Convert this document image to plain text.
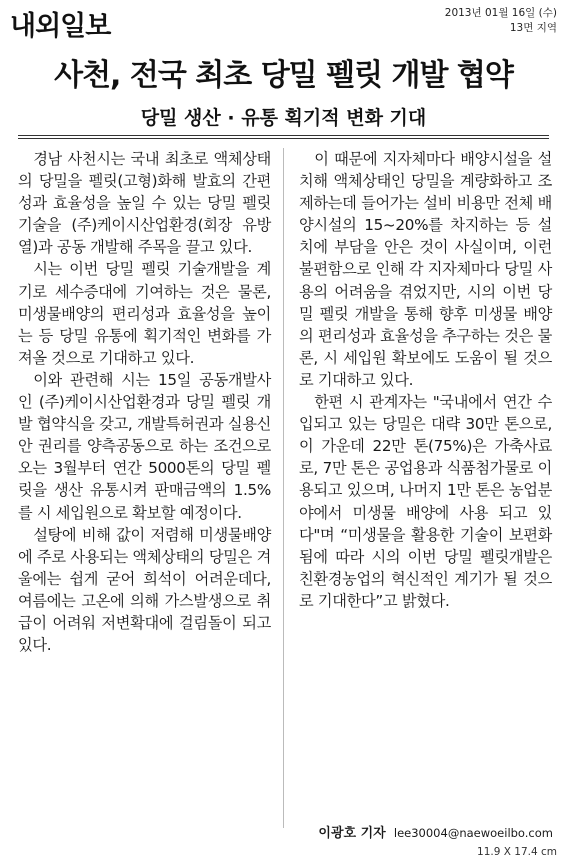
내외일보	2013년 01월 16일 (수)
13면 지역
사천, 전국 최초 당밀 펠릿 개발 협약
당밀 생산 · 유통 획기적 변화 기대

경남 사천시는 국내 최초로 액체상태의 당밀을 펠릿(고형)화해 발효의 간편성과 효율성을 높일 수 있는 당밀 펠릿 기술을 (주)케이시산업환경(회장 유방열)과 공동 개발해 주목을 끌고 있다.

시는 이번 당밀 펠릿 기술개발을 계기로 세수증대에 기여하는 것은 물론, 미생물배양의 편리성과 효율성을 높이는 등 당밀 유통에 획기적인 변화를 가져올 것으로 기대하고 있다.

이와 관련해 시는 15일 공동개발사인 (주)케이시산업환경과 당밀 펠릿 개발 협약식을 갖고, 개발특허권과 실용신안 권리를 양측공동으로 하는 조건으로 오는 3월부터 연간 5000톤의 당밀 펠릿을 생산 유통시켜 판매금액의 1.5%를 시 세입원으로 확보할 예정이다.

설탕에 비해 값이 저렴해 미생물배양에 주로 사용되는 액체상태의 당밀은 겨울에는 쉽게 굳어 희석이 어려운데다, 여름에는 고온에 의해 가스발생으로 취급이 어려워 저변확대에 걸림돌이 되고 있다.

이 때문에 지자체마다 배양시설을 설치해 액체상태인 당밀을 계량화하고 조제하는데 들어가는 설비 비용만 전체 배양시설의 15~20%를 차지하는 등 설치에 부담을 안은 것이 사실이며, 이런 불편함으로 인해 각 지자체마다 당밀 사용의 어려움을 겪었지만, 시의 이번 당밀 펠릿 개발을 통해 향후 미생물 배양의 편리성과 효율성을 추구하는 것은 물론, 시 세입원 확보에도 도움이 될 것으로 기대하고 있다.

한편 시 관계자는 "국내에서 연간 수입되고 있는 당밀은 대략 30만 톤으로, 이 가운데 22만 톤(75%)은 가축사료로, 7만 톤은 공업용과 식품첨가물로 이용되고 있으며, 나머지 1만 톤은 농업분야에서 미생물 배양에 사용 되고 있다"며 “미생물을 활용한 기술이 보편화됨에 따라 시의 이번 당밀 펠릿개발은 친환경농업의 혁신적인 계기가 될 것으로 기대한다”고 밝혔다.

이광호 기자 lee30004@naewoeilbo.com
11.9 X 17.4 cm
